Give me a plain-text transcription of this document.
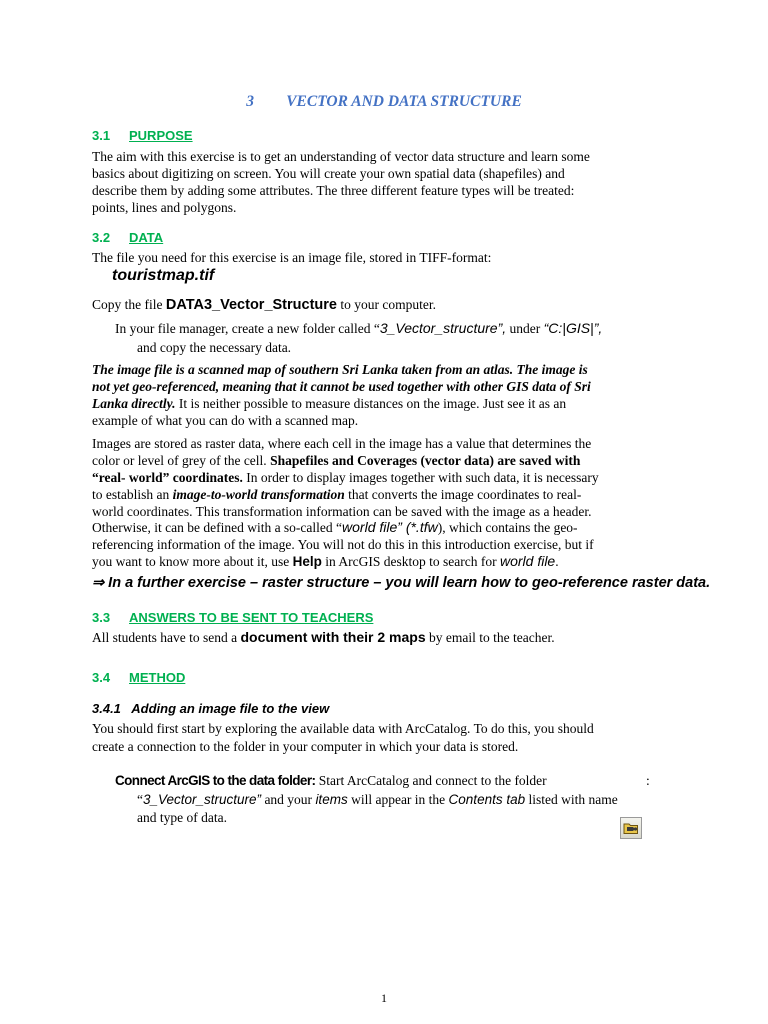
3 VECTOR AND DATA STRUCTURE
3.1 PURPOSE
The aim with this exercise is to get an understanding of vector data structure and learn some
basics about digitizing on screen. You will create your own spatial data (shapefiles) and
describe them by adding some attributes. The three different feature types will be treated:
points, lines and polygons.
3.2 DATA
The file you need for this exercise is an image file, stored in TIFF-format:
touristmap.tif
Copy the file DATA3_Vector_Structure to your computer.
In your file manager, create a new folder called “3_Vector_structure”, under “C:|GIS|”,
and copy the necessary data.
The image file is a scanned map of southern Sri Lanka taken from an atlas. The image is
not yet geo-referenced, meaning that it cannot be used together with other GIS data of Sri
Lanka directly. It is neither possible to measure distances on the image. Just see it as an
example of what you can do with a scanned map.
Images are stored as raster data, where each cell in the image has a value that determines the
color or level of grey of the cell. Shapefiles and Coverages (vector data) are saved with
“real- world” coordinates. In order to display images together with such data, it is necessary
to establish an image-to-world transformation that converts the image coordinates to real-
world coordinates. This transformation information can be saved with the image as a header.
Otherwise, it can be defined with a so-called “world file” (*.tfw), which contains the geo-
referencing information of the image. You will not do this in this introduction exercise, but if
you want to know more about it, use Help in ArcGIS desktop to search for world file.
⇒ In a further exercise – raster structure – you will learn how to geo-reference raster data.
3.3 ANSWERS TO BE SENT TO TEACHERS
All students have to send a document with their 2 maps by email to the teacher.
3.4 METHOD
3.4.1   Adding an image file to the view
You should first start by exploring the available data with ArcCatalog. To do this, you should
create a connection to the folder in your computer in which your data is stored.
Connect ArcGIS to the data folder: Start ArcCatalog and connect to the folder	:
“3_Vector_structure” and your items will appear in the Contents tab listed with name
and type of data.
1
